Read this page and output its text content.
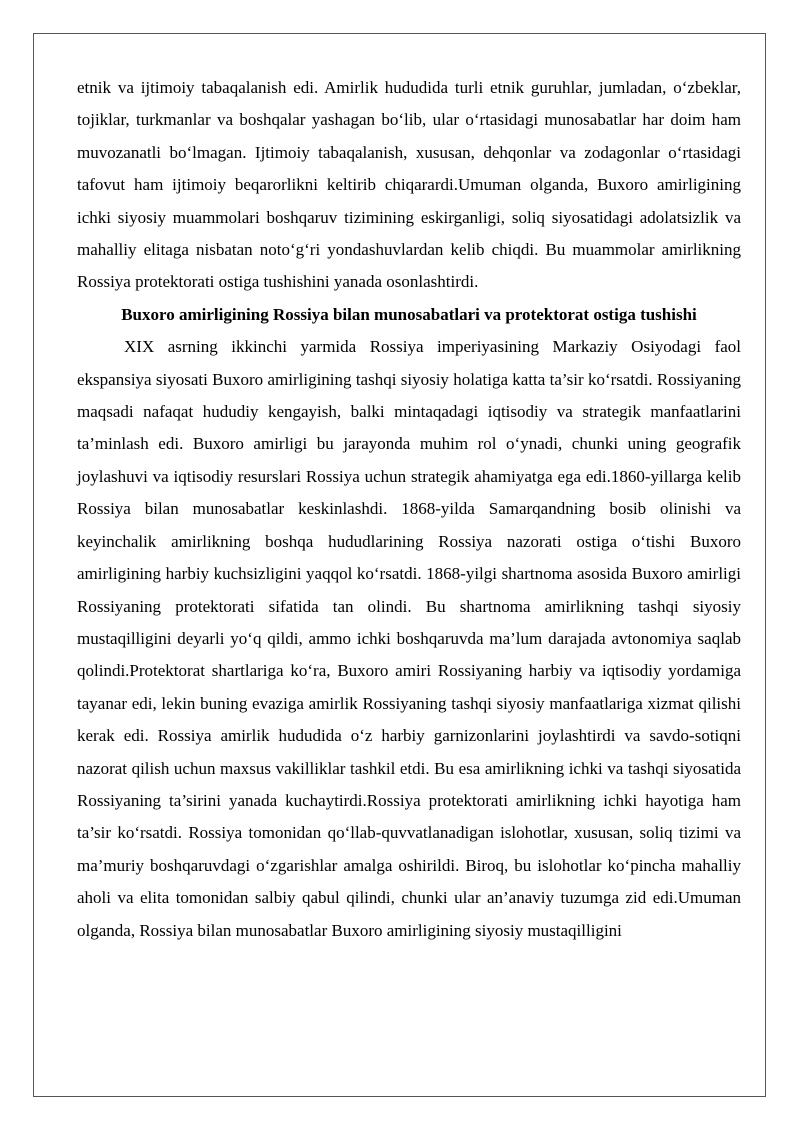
etnik va ijtimoiy tabaqalanish edi. Amirlik hududida turli etnik guruhlar, jumladan, o‘zbeklar, tojiklar, turkmanlar va boshqalar yashagan bo‘lib, ular o‘rtasidagi munosabatlar har doim ham muvozanatli bo‘lmagan. Ijtimoiy tabaqalanish, xususan, dehqonlar va zodagonlar o‘rtasidagi tafovut ham ijtimoiy beqarorlikni keltirib chiqarardi.Umuman olganda, Buxoro amirligining ichki siyosiy muammolari boshqaruv tizimining eskirganligi, soliq siyosatidagi adolatsizlik va mahalliy elitaga nisbatan noto‘g‘ri yondashuvlardan kelib chiqdi. Bu muammolar amirlikning Rossiya protektorati ostiga tushishini yanada osonlashtirdi.

Buxoro amirligining Rossiya bilan munosabatlari va protektorat ostiga tushishi

XIX asrning ikkinchi yarmida Rossiya imperiyasining Markaziy Osiyodagi faol ekspansiya siyosati Buxoro amirligining tashqi siyosiy holatiga katta ta’sir ko‘rsatdi. Rossiyaning maqsadi nafaqat hududiy kengayish, balki mintaqadagi iqtisodiy va strategik manfaatlarini ta’minlash edi. Buxoro amirligi bu jarayonda muhim rol o‘ynadi, chunki uning geografik joylashuvi va iqtisodiy resurslari Rossiya uchun strategik ahamiyatga ega edi.1860-yillarga kelib Rossiya bilan munosabatlar keskinlashdi. 1868-yilda Samarqandning bosib olinishi va keyinchalik amirlikning boshqa hududlarining Rossiya nazorati ostiga o‘tishi Buxoro amirligining harbiy kuchsizligini yaqqol ko‘rsatdi. 1868-yilgi shartnoma asosida Buxoro amirligi Rossiyaning protektorati sifatida tan olindi. Bu shartnoma amirlikning tashqi siyosiy mustaqilligini deyarli yo‘q qildi, ammo ichki boshqaruvda ma’lum darajada avtonomiya saqlab qolindi.Protektorat shartlariga ko‘ra, Buxoro amiri Rossiyaning harbiy va iqtisodiy yordamiga tayanar edi, lekin buning evaziga amirlik Rossiyaning tashqi siyosiy manfaatlariga xizmat qilishi kerak edi. Rossiya amirlik hududida o‘z harbiy garnizonlarini joylashtirdi va savdo-sotiqni nazorat qilish uchun maxsus vakilliklar tashkil etdi. Bu esa amirlikning ichki va tashqi siyosatida Rossiyaning ta’sirini yanada kuchaytirdi.Rossiya protektorati amirlikning ichki hayotiga ham ta’sir ko‘rsatdi. Rossiya tomonidan qo‘llab-quvvatlanadigan islohotlar, xususan, soliq tizimi va ma’muriy boshqaruvdagi o‘zgarishlar amalga oshirildi. Biroq, bu islohotlar ko‘pincha mahalliy aholi va elita tomonidan salbiy qabul qilindi, chunki ular an’anaviy tuzumga zid edi.Umuman olganda, Rossiya bilan munosabatlar Buxoro amirligining siyosiy mustaqilligini
